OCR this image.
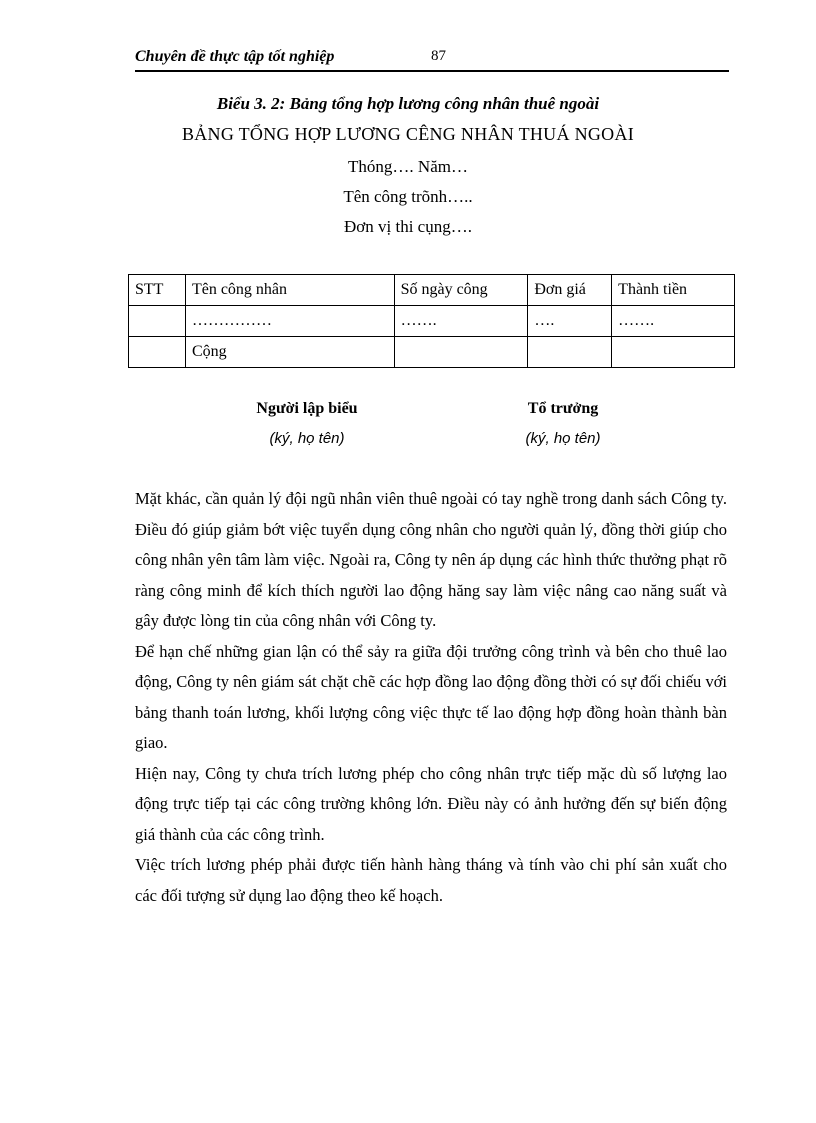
Chuyên đề thực tập tốt nghiệp	87
Biểu 3. 2: Bảng tổng hợp lương công nhân thuê ngoài
BẢNG TỔNG HỢP LƯƠNG CÊNG NHÂN THUÁ NGOÀI
Thóng…. Năm…
Tên công trõnh…..
Đơn vị thi cụng….
STT	Tên công nhân	Số ngày công	Đơn giá	Thành tiền
	……………	…….	….	…….
	Cộng			
Người lập biểu
(ký, họ tên)
Tổ trưởng
(ký, họ tên)

Mặt khác, cần quản lý đội ngũ nhân viên thuê ngoài có tay nghề trong danh sách Công ty. Điều đó giúp giảm bớt việc tuyển dụng công nhân cho người quản lý, đồng thời giúp cho công nhân yên tâm làm việc. Ngoài ra, Công ty nên áp dụng các hình thức thưởng phạt rõ ràng công minh để kích thích người lao động hăng say làm việc nâng cao năng suất và gây được lòng tin của công nhân với Công ty.

Để hạn chế những gian lận có thể sảy ra giữa đội trưởng công trình và bên cho thuê lao động, Công ty nên giám sát chặt chẽ các hợp đồng lao động đồng thời có sự đối chiếu với bảng thanh toán lương, khối lượng công việc thực tế lao động hợp đồng hoàn thành bàn giao.

Hiện nay, Công ty chưa trích lương phép cho công nhân trực tiếp mặc dù số lượng lao động trực tiếp tại các công trường không lớn. Điều này có ảnh hưởng đến sự biến động giá thành của các công trình.

Việc trích lương phép phải được tiến hành hàng tháng và tính vào chi phí sản xuất cho các đối tượng sử dụng lao động theo kế hoạch.
